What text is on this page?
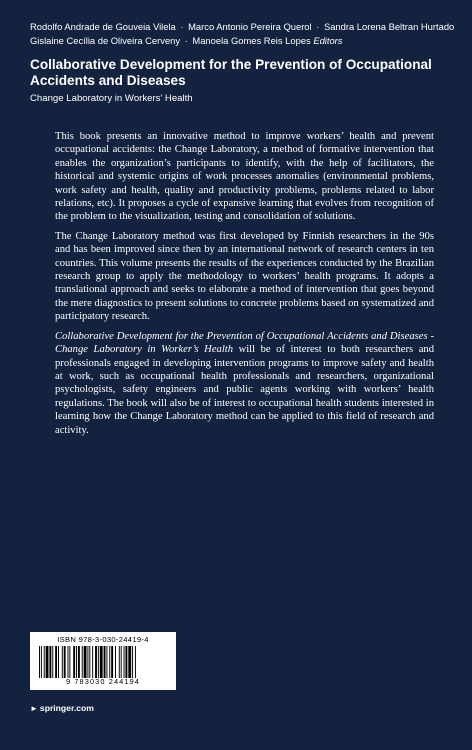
Rodolfo Andrade de Gouveia Vilela · Marco Antonio Pereira Querol · Sandra Lorena Beltran Hurtado
Gislaine Cecília de Oliveira Cerveny · Manoela Gomes Reis Lopes Editors
Collaborative Development for the Prevention of Occupational Accidents and Diseases
Change Laboratory in Workers’ Health

This book presents an innovative method to improve workers’ health and prevent occupational accidents: the Change Laboratory, a method of formative intervention that enables the organization’s participants to identify, with the help of facilitators, the historical and systemic origins of work processes anomalies (environmental problems, work safety and health, quality and productivity problems, problems related to labor relations, etc). It proposes a cycle of expansive learning that evolves from recognition of the problem to the visualization, testing and consolidation of solutions.

The Change Laboratory method was first developed by Finnish researchers in the 90s and has been improved since then by an international network of research centers in ten countries. This volume presents the results of the experiences conducted by the Brazilian research group to apply the methodology to workers’ health programs. It adopts a translational approach and seeks to elaborate a method of intervention that goes beyond the mere diagnostics to present solutions to concrete problems based on systematized and participatory research.

Collaborative Development for the Prevention of Occupational Accidents and Diseases - Change Laboratory in Worker’s Health will be of interest to both researchers and professionals engaged in developing intervention programs to improve safety and health at work, such as occupational health professionals and researchers, organizational psychologists, safety engineers and public agents working with workers’ health regulations. The book will also be of interest to occupational health students interested in learning how the Change Laboratory method can be applied to this field of research and activity.

ISBN 978-3-030-24419-4
9 783030 244194
► springer.com
